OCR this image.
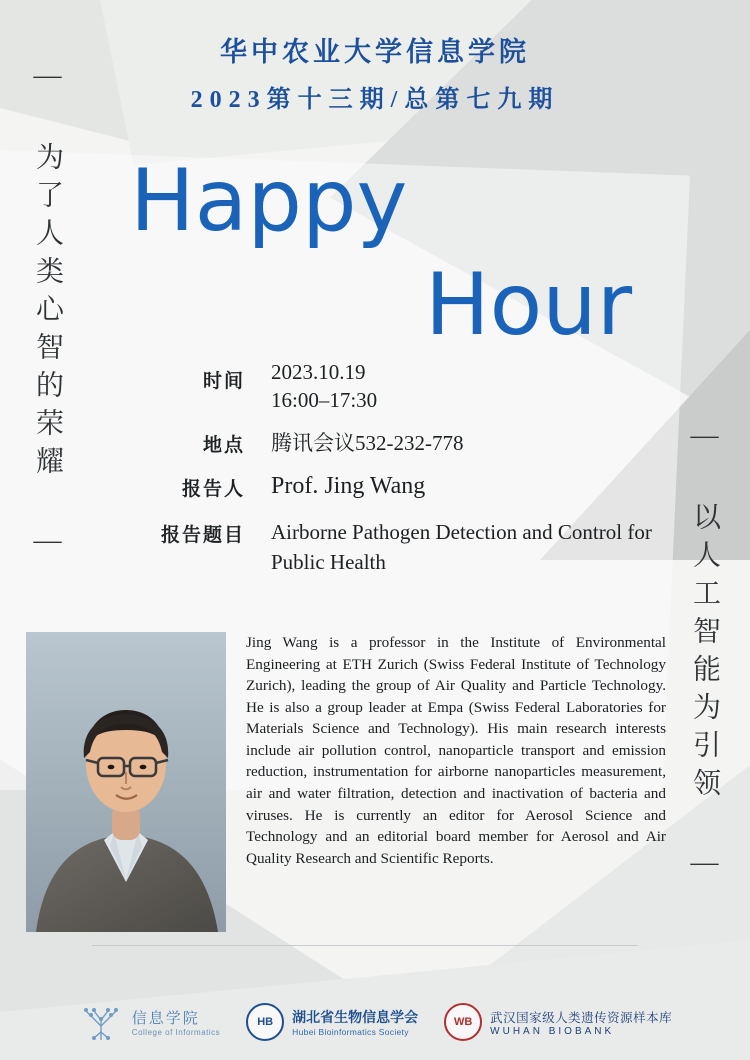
— 为了人类心智的荣耀 —
— 以人工智能为引领 —
华中农业大学信息学院
2023第十三期/总第七九期
Happy
Hour
时间 2023.10.19
16:00–17:30
地点 腾讯会议532-232-778
报告人 Prof. Jing Wang
报告题目 Airborne Pathogen Detection and Control for Public Health
Jing Wang is a professor in the Institute of Environmental Engineering at ETH Zurich (Swiss Federal Institute of Technology Zurich), leading the group of Air Quality and Particle Technology. He is also a group leader at Empa (Swiss Federal Laboratories for Materials Science and Technology). His main research interests include air pollution control, nanoparticle transport and emission reduction, instrumentation for airborne nanoparticles measurement, air and water filtration, detection and inactivation of bacteria and viruses. He is currently an editor for Aerosol Science and Technology and an editorial board member for Aerosol and Air Quality Research and Scientific Reports.
信息学院
College of Informatics
HB	湖北省生物信息学会
Hubei Bioinformatics Society
WB	武汉国家级人类遗传资源样本库
WUHAN BIOBANK
